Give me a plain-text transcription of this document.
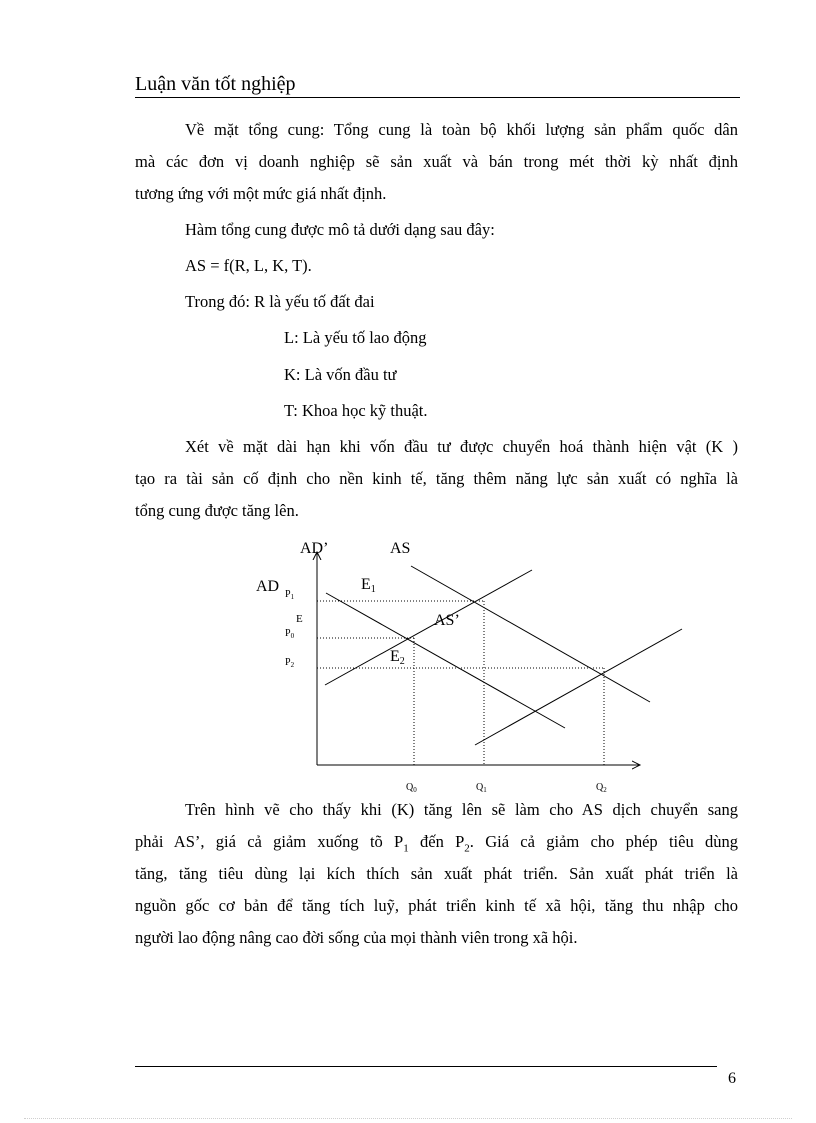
Luận văn tốt nghiệp
Về mặt tổng cung: Tổng cung là toàn bộ khối lượng sản phẩm quốc dân
mà các đơn vị doanh nghiệp sẽ sản xuất và bán trong mét thời kỳ nhất định
tương ứng với một mức giá nhất định.
Hàm tổng cung được mô tả dưới dạng sau đây:
AS = f(R, L, K, T).
Trong đó: R là yếu tố đất đai
L: Là yếu tố lao động
K: Là vốn đầu tư
T: Khoa học kỹ thuật.
Xét về mặt dài hạn khi vốn đầu tư được chuyển hoá thành hiện vật (K )
tạo ra tài sản cố định cho nền kinh tế, tăng thêm năng lực sản xuất có nghĩa là
tổng cung được tăng lên.
AD’	AS
AD
AS’
E1
E2
E
$P_1$
$P_0$
$P_2$
$Q_0$	$Q_1$	$Q_2$
Trên hình vẽ cho thấy khi (K) tăng lên sẽ làm cho AS dịch chuyển sang
phải AS’, giá cả giảm xuống tõ $P_1$ đến $P_2$. Giá cả giảm cho phép tiêu dùng
tăng, tăng tiêu dùng lại kích thích sản xuất phát triển. Sản xuất phát triển là
nguồn gốc cơ bản để tăng tích luỹ, phát triển kinh tế xã hội, tăng thu nhập cho
người lao động nâng cao đời sống của mọi thành viên trong xã hội.
6
